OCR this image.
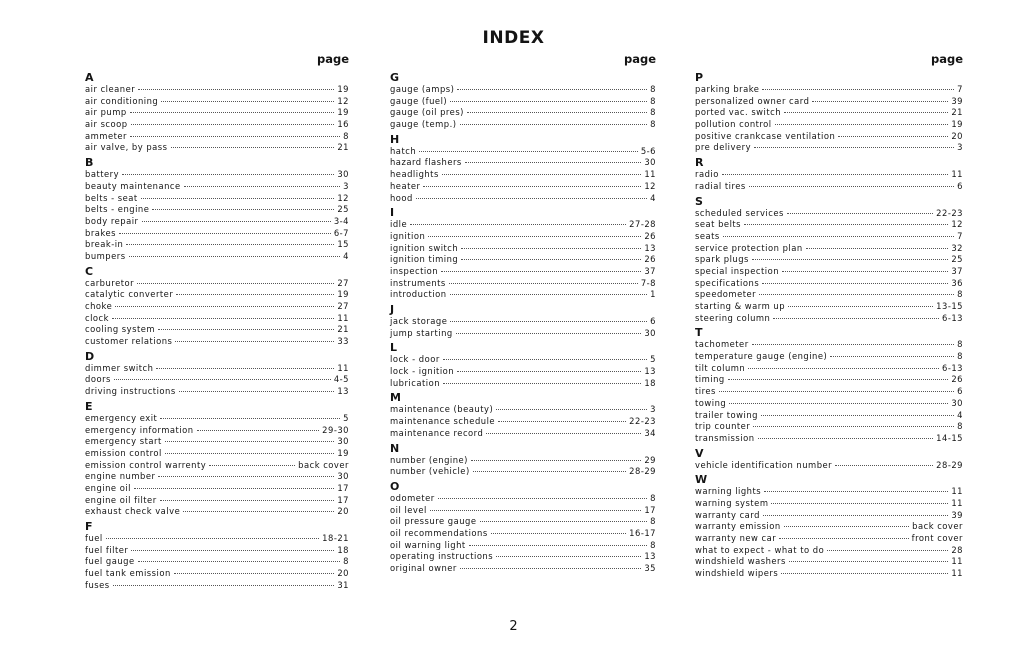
INDEX
page
A
air cleaner	19
air conditioning	12
air pump	19
air scoop	16
ammeter	8
air valve, by pass	21
B
battery	30
beauty maintenance	3
belts - seat	12
belts - engine	25
body repair	3-4
brakes	6-7
break-in	15
bumpers	4
C
carburetor	27
catalytic converter	19
choke	27
clock	11
cooling system	21
customer relations	33
D
dimmer switch	11
doors	4-5
driving instructions	13
E
emergency exit	5
emergency information	29-30
emergency start	30
emission control	19
emission control warrenty	back cover
engine number	30
engine oil	17
engine oil filter	17
exhaust check valve	20
F
fuel	18-21
fuel filter	18
fuel gauge	8
fuel tank emission	20
fuses	31
page
G
gauge (amps)	8
gauge (fuel)	8
gauge (oil pres)	8
gauge (temp.)	8
H
hatch	5-6
hazard flashers	30
headlights	11
heater	12
hood	4
I
idle	27-28
ignition	26
ignition switch	13
ignition timing	26
inspection	37
instruments	7-8
introduction	1
J
jack storage	6
jump starting	30
L
lock - door	5
lock - ignition	13
lubrication	18
M
maintenance (beauty)	3
maintenance schedule	22-23
maintenance record	34
N
number (engine)	29
number (vehicle)	28-29
O
odometer	8
oil level	17
oil pressure gauge	8
oil recommendations	16-17
oil warning light	8
operating instructions	13
original owner	35
page
P
parking brake	7
personalized owner card	39
ported vac. switch	21
pollution control	19
positive crankcase ventilation	20
pre delivery	3
R
radio	11
radial tires	6
S
scheduled services	22-23
seat belts	12
seats	7
service protection plan	32
spark plugs	25
special inspection	37
specifications	36
speedometer	8
starting & warm up	13-15
steering column	6-13
T
tachometer	8
temperature gauge (engine)	8
tilt column	6-13
timing	26
tires	6
towing	30
trailer towing	4
trip counter	8
transmission	14-15
V
vehicle identification number	28-29
W
warning lights	11
warning system	11
warranty card	39
warranty emission	back cover
warranty new car	front cover
what to expect - what to do	28
windshield washers	11
windshield wipers	11
2
